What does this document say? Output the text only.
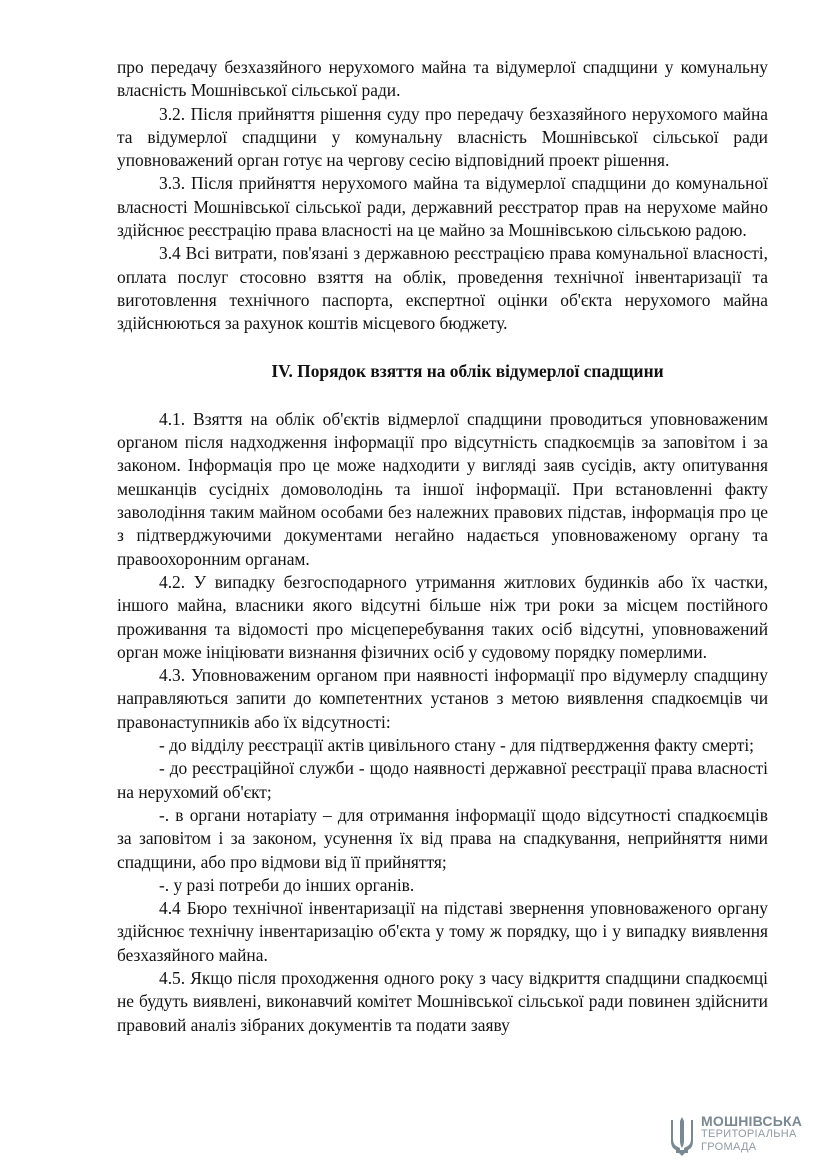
про передачу безхазяйного нерухомого майна та відумерлої спадщини у комунальну власність Мошнівської сільської ради.

3.2. Після прийняття рішення суду про передачу безхазяйного нерухомого майна та відумерлої спадщини у комунальну власність Мошнівської сільської ради уповноважений орган готує на чергову сесію відповідний проект рішення.

3.3. Після прийняття нерухомого майна та відумерлої спадщини до комунальної власності Мошнівської сільської ради, державний реєстратор прав на нерухоме майно здійснює реєстрацію права власності на це майно за Мошнівською сільською радою.

3.4 Всі витрати, пов'язані з державною реєстрацією права комунальної власності, оплата послуг стосовно взяття на облік, проведення технічної інвентаризації та виготовлення технічного паспорта, експертної оцінки об'єкта нерухомого майна здійснюються за рахунок коштів місцевого бюджету.

IV. Порядок взяття на облік відумерлої спадщини

4.1. Взяття на облік об'єктів відмерлої спадщини проводиться уповноваженим органом після надходження інформації про відсутність спадкоємців за заповітом і за законом. Інформація про це може надходити у вигляді заяв сусідів, акту опитування мешканців сусідніх домоволодінь та іншої інформації. При встановленні факту заволодіння таким майном особами без належних правових підстав, інформація про це з підтверджуючими документами негайно надається уповноваженому органу та правоохоронним органам.

4.2. У випадку безгосподарного утримання житлових будинків або їх частки, іншого майна, власники якого відсутні більше ніж три роки за місцем постійного проживання та відомості про місцеперебування таких осіб відсутні, уповноважений орган може ініціювати визнання фізичних осіб у судовому порядку померлими.

4.3. Уповноваженим органом при наявності інформації про відумерлу спадщину направляються запити до компетентних установ з метою виявлення спадкоємців чи правонаступників або їх відсутності:

- до відділу реєстрації актів цивільного стану - для підтвердження факту смерті;

- до реєстраційної служби - щодо наявності державної реєстрації права власності на нерухомий об'єкт;

-. в органи нотаріату – для отримання інформації щодо відсутності спадкоємців за заповітом і за законом, усунення їх від права на спадкування, неприйняття ними спадщини, або про відмови від її прийняття;

-. у разі потреби до інших органів.

4.4 Бюро технічної інвентаризації на підставі звернення уповноваженого органу здійснює технічну інвентаризацію об'єкта у тому ж порядку, що і у випадку виявлення безхазяйного майна.

4.5. Якщо після проходження одного року з часу відкриття спадщини спадкоємці не будуть виявлені, виконавчий комітет Мошнівської сільської ради повинен здійснити правовий аналіз зібраних документів та подати заяву

МОШНІВСЬКА
ТЕРИТОРІАЛЬНА
ГРОМАДА
